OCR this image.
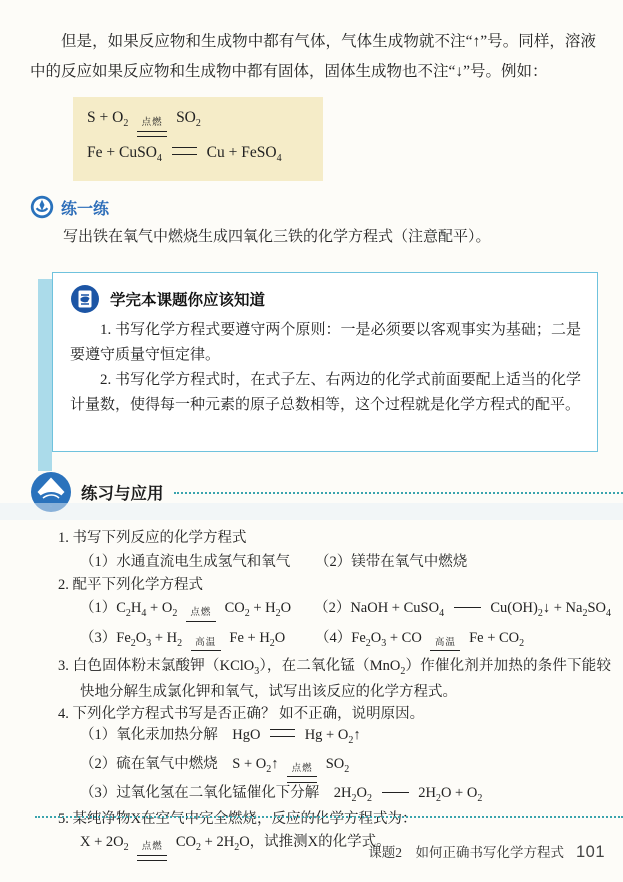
但是，如果反应物和生成物中都有气体，气体生成物就不注“↑”号。同样，溶液中的反应如果反应物和生成物中都有固体，固体生成物也不注“↓”号。例如：

$S + O_2$ 点燃 $SO_2$
Fe + CuSO$_4$	Cu + FeSO$_4$
练一练
写出铁在氧气中燃烧生成四氧化三铁的化学方程式（注意配平）。
学完本课题你应该知道

1. 书写化学方程式要遵守两个原则：一是必须要以客观事实为基础；二是要遵守质量守恒定律。

2. 书写化学方程式时，在式子左、右两边的化学式前面要配上适当的化学计量数，使得每一种元素的原子总数相等，这个过程就是化学方程式的配平。

练习与应用
1. 书写下列反应的化学方程式
（1）水通直流电生成氢气和氧气	（2）镁带在氧气中燃烧
2. 配平下列化学方程式
$(1)C_2H_4 + O_2$ 点燃 $CO_2 + H_2O$	（2）NaOH + CuSO$_4$	$Cu(OH)_2↓ + Na_2SO_4$
$(3)Fe_2O_3 + H_2$ 高温 $Fe + H_2O$	$(4)Fe_2O_3$ + CO 高温 $Fe + CO_2$
3. 白色固体粉末氯酸钾（KClO$_3$），在二氧化锰（MnO$_2$）作催化剂并加热的条件下能较快地分解生成氯化钾和氧气，试写出该反应的化学方程式。
4. 下列化学方程式书写是否正确？ 如不正确，说明原因。
（1）氧化汞加热分解　HgO	$Hg + O_2↑$
（2）硫在氧气中燃烧　$S + O_2↑$ 点燃 $SO_2$
（3）过氧化氢在二氧化锰催化下分解　$2H_2O_2$	$2H_2O + O_2$
5. 某纯净物X在空气中完全燃烧，反应的化学方程式为：
$X + 2O_2$ 点燃 $CO_2 + 2H_2O$，试推测X的化学式。
课题2　如何正确书写化学方程式 101
